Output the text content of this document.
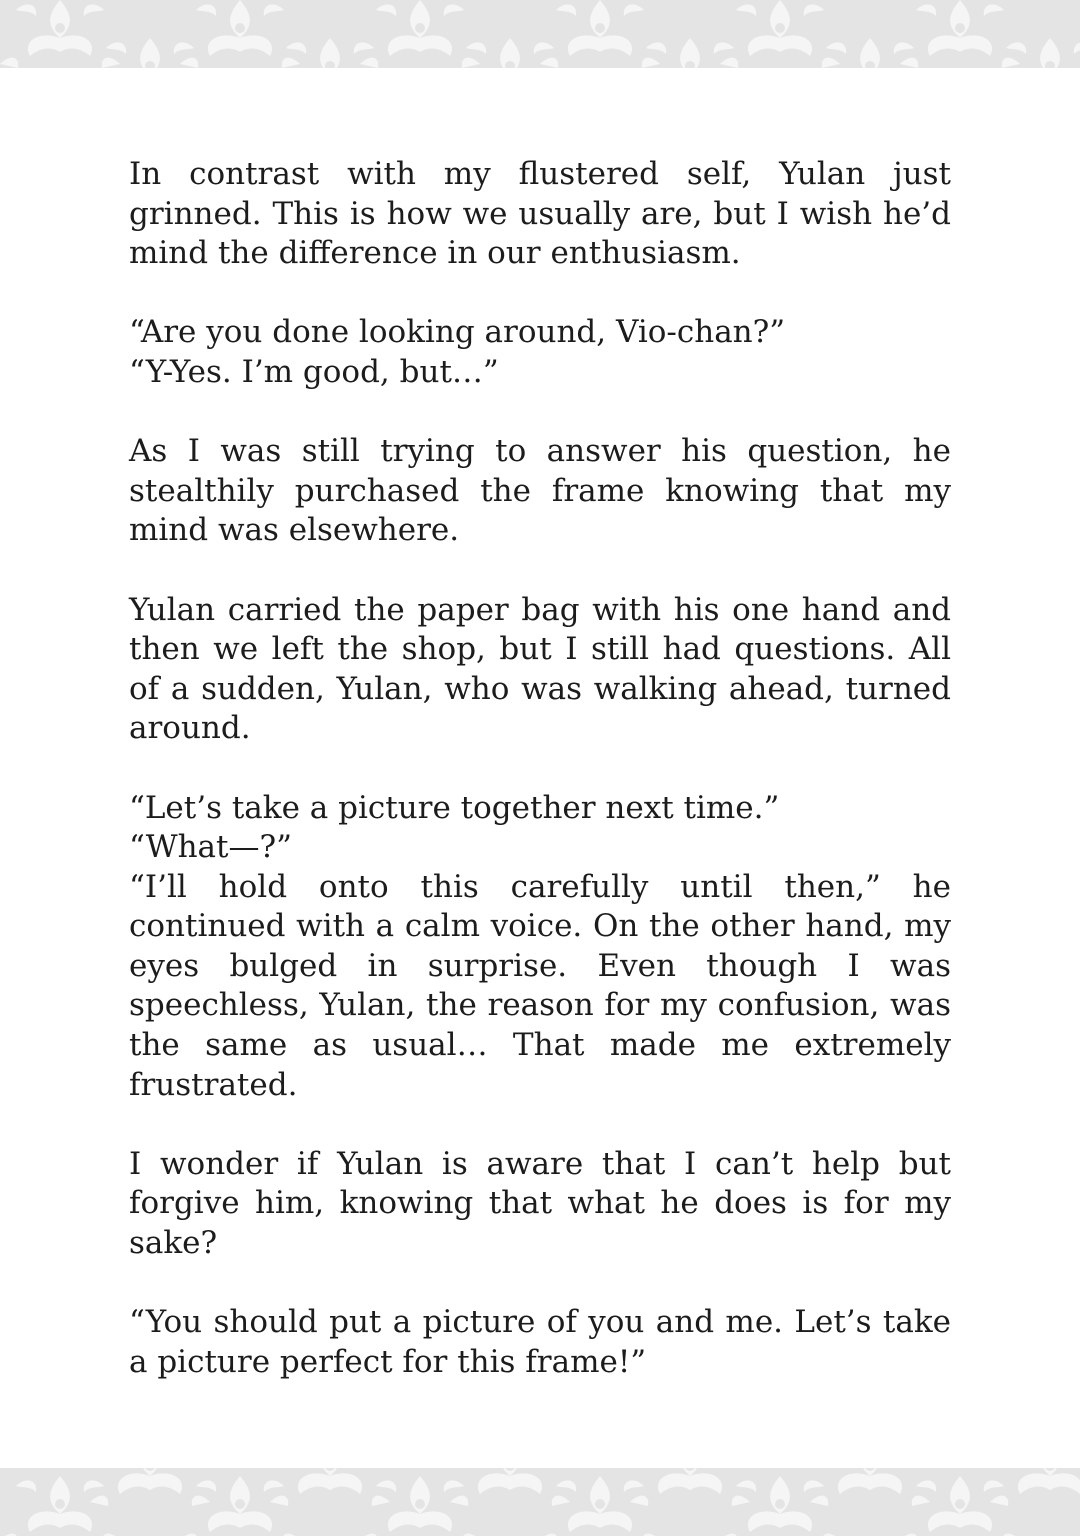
In contrast with my flustered self, Yulan just grinned. This is how we usually are, but I wish he’d mind the difference in our enthusiasm.

“Are you done looking around, Vio-chan?”
“Y-Yes. I’m good, but…”

As I was still trying to answer his question, he stealthily purchased the frame knowing that my mind was elsewhere.

Yulan carried the paper bag with his one hand and then we left the shop, but I still had questions. All of a sudden, Yulan, who was walking ahead, turned around.

“Let’s take a picture together next time.”
“What—?”

“I’ll hold onto this carefully until then,” he continued with a calm voice. On the other hand, my eyes bulged in surprise. Even though I was speechless, Yulan, the reason for my confusion, was the same as usual… That made me extremely frustrated.

I wonder if Yulan is aware that I can’t help but forgive him, knowing that what he does is for my sake?

“You should put a picture of you and me. Let’s take a picture perfect for this frame!”
